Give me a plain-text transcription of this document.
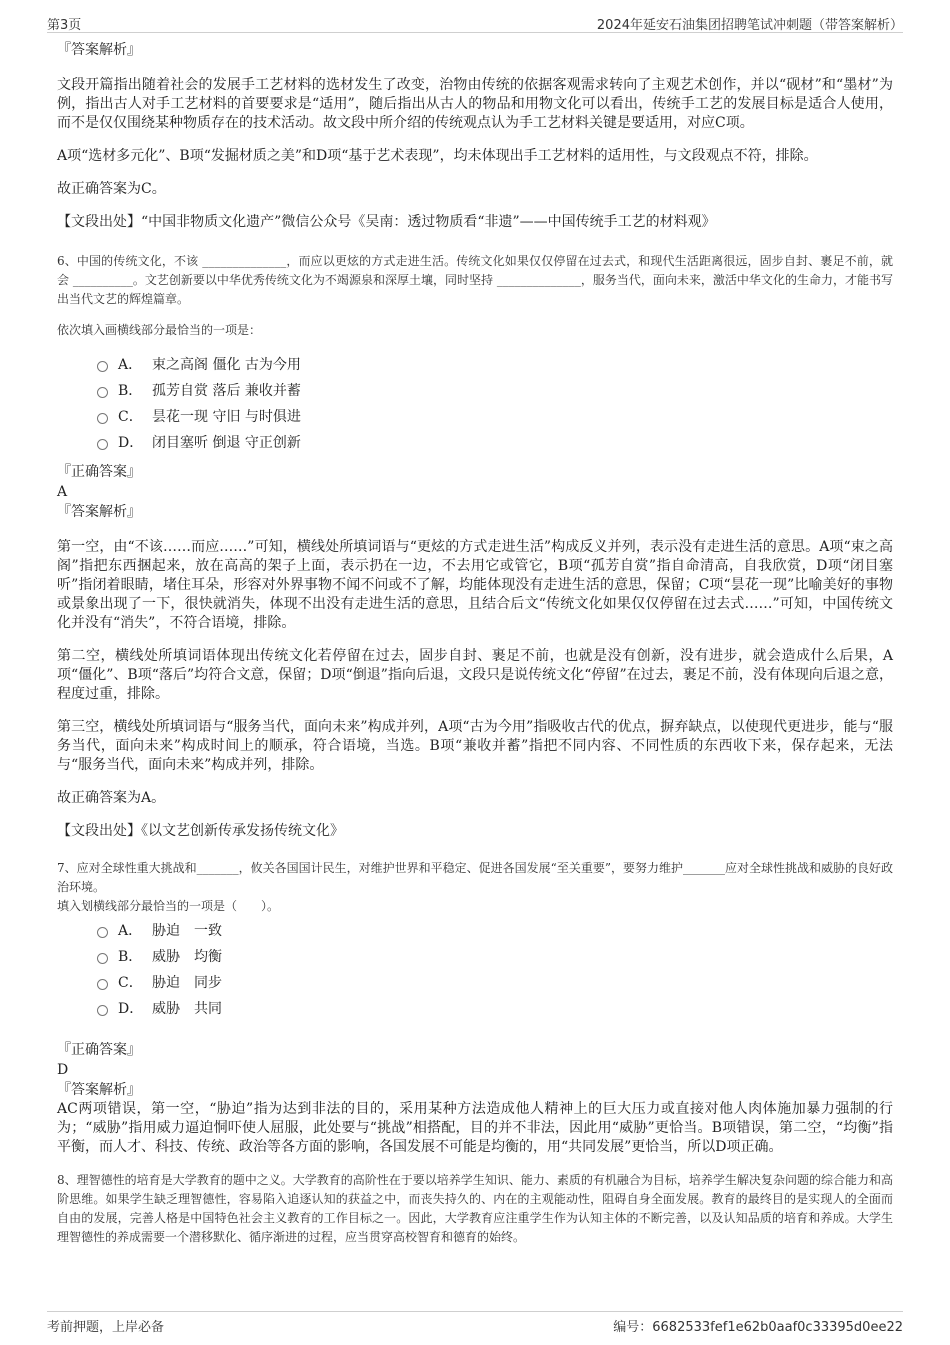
第3页	2024年延安石油集团招聘笔试冲刺题（带答案解析）

『答案解析』

文段开篇指出随着社会的发展手工艺材料的选材发生了改变，治物由传统的依据客观需求转向了主观艺术创作，并以“砚材”和“墨材”为例，指出古人对手工艺材料的首要要求是“适用”，随后指出从古人的物品和用物文化可以看出，传统手工艺的发展目标是适合人使用，而不是仅仅围绕某种物质存在的技术活动。故文段中所介绍的传统观点认为手工艺材料关键是要适用，对应C项。

A项“选材多元化”、B项“发掘材质之美”和D项“基于艺术表现”，均未体现出手工艺材料的适用性，与文段观点不符，排除。

故正确答案为C。

【文段出处】“中国非物质文化遗产”微信公众号《吴南：透过物质看“非遗”——中国传统手工艺的材料观》

6、中国的传统文化，不该 ______________，而应以更炫的方式走进生活。传统文化如果仅仅停留在过去式，和现代生活距离很远，固步自封、裹足不前，就会 __________。文艺创新要以中华优秀传统文化为不竭源泉和深厚土壤，同时坚持 ______________，服务当代，面向未来，激活中华文化的生命力，才能书写出当代文艺的辉煌篇章。

依次填入画横线部分最恰当的一项是：

A． 束之高阁 僵化 古为今用
B． 孤芳自赏 落后 兼收并蓄
C． 昙花一现 守旧 与时俱进
D． 闭目塞听 倒退 守正创新

『正确答案』

A

『答案解析』

第一空，由“不该……而应……”可知，横线处所填词语与“更炫的方式走进生活”构成反义并列，表示没有走进生活的意思。A项“束之高阁”指把东西捆起来，放在高高的架子上面，表示扔在一边，不去用它或管它，B项“孤芳自赏”指自命清高，自我欣赏，D项“闭目塞听”指闭着眼睛，堵住耳朵，形容对外界事物不闻不问或不了解，均能体现没有走进生活的意思，保留；C项“昙花一现”比喻美好的事物或景象出现了一下，很快就消失，体现不出没有走进生活的意思，且结合后文“传统文化如果仅仅停留在过去式……”可知，中国传统文化并没有“消失”，不符合语境，排除。

第二空，横线处所填词语体现出传统文化若停留在过去，固步自封、裹足不前，也就是没有创新，没有进步，就会造成什么后果，A项“僵化”、B项“落后”均符合文意，保留；D项“倒退”指向后退，文段只是说传统文化“停留”在过去，裹足不前，没有体现向后退之意，程度过重，排除。

第三空，横线处所填词语与“服务当代，面向未来”构成并列，A项“古为今用”指吸收古代的优点，摒弃缺点，以使现代更进步，能与“服务当代，面向未来”构成时间上的顺承，符合语境，当选。B项“兼收并蓄”指把不同内容、不同性质的东西收下来，保存起来，无法与“服务当代，面向未来”构成并列，排除。

故正确答案为A。

【文段出处】《以文艺创新传承发扬传统文化》

7、应对全球性重大挑战和_______，攸关各国国计民生，对维护世界和平稳定、促进各国发展“至关重要”，要努力维护_______应对全球性挑战和威胁的良好政治环境。

填入划横线部分最恰当的一项是（　　）。

A． 胁迫　一致
B． 威胁　均衡
C． 胁迫　同步
D． 威胁　共同

『正确答案』

D

『答案解析』

AC两项错误，第一空，“胁迫”指为达到非法的目的，采用某种方法造成他人精神上的巨大压力或直接对他人肉体施加暴力强制的行为；“威胁”指用威力逼迫恫吓使人屈服，此处要与“挑战”相搭配，目的并不非法，因此用“威胁”更恰当。B项错误，第二空，“均衡”指平衡，而人才、科技、传统、政治等各方面的影响，各国发展不可能是均衡的，用“共同发展”更恰当，所以D项正确。

8、理智德性的培育是大学教育的题中之义。大学教育的高阶性在于要以培养学生知识、能力、素质的有机融合为目标，培养学生解决复杂问题的综合能力和高阶思维。如果学生缺乏理智德性，容易陷入追逐认知的获益之中，而丧失持久的、内在的主观能动性，阻碍自身全面发展。教育的最终目的是实现人的全面而自由的发展，完善人格是中国特色社会主义教育的工作目标之一。因此，大学教育应注重学生作为认知主体的不断完善，以及认知品质的培育和养成。大学生理智德性的养成需要一个潜移默化、循序渐进的过程，应当贯穿高校智育和德育的始终。

考前押题，上岸必备	编号：6682533fef1e62b0aaf0c33395d0ee22
